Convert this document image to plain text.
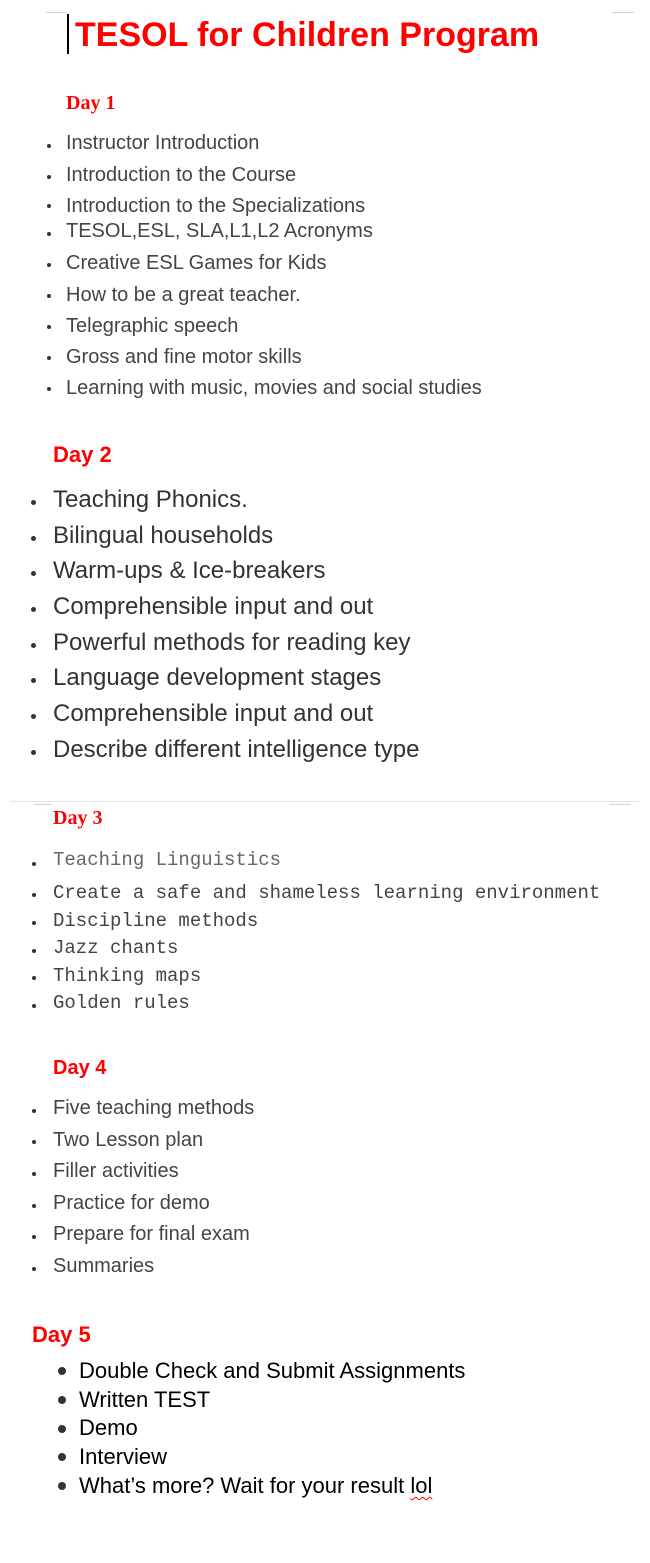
TESOL for Children Program
Day 1
Instructor Introduction
Introduction to the Course
Introduction to the Specializations
TESOL,ESL, SLA,L1,L2 Acronyms
Creative ESL Games for Kids
How to be a great teacher.
Telegraphic speech
Gross and fine motor skills
Learning with music, movies and social studies
Day 2
Teaching Phonics.
Bilingual households
Warm-ups & Ice-breakers
Comprehensible input and out
Powerful methods for reading key
Language development stages
Comprehensible input and out
Describe different intelligence type
Day 3
Teaching Linguistics
Create a safe and shameless learning environment
Discipline methods
Jazz chants
Thinking maps
Golden rules
Day 4
Five teaching methods
Two Lesson plan
Filler activities
Practice for demo
Prepare for final exam
Summaries
Day 5
Double Check and Submit Assignments
Written TEST
Demo
Interview
What’s more? Wait for your result lol
